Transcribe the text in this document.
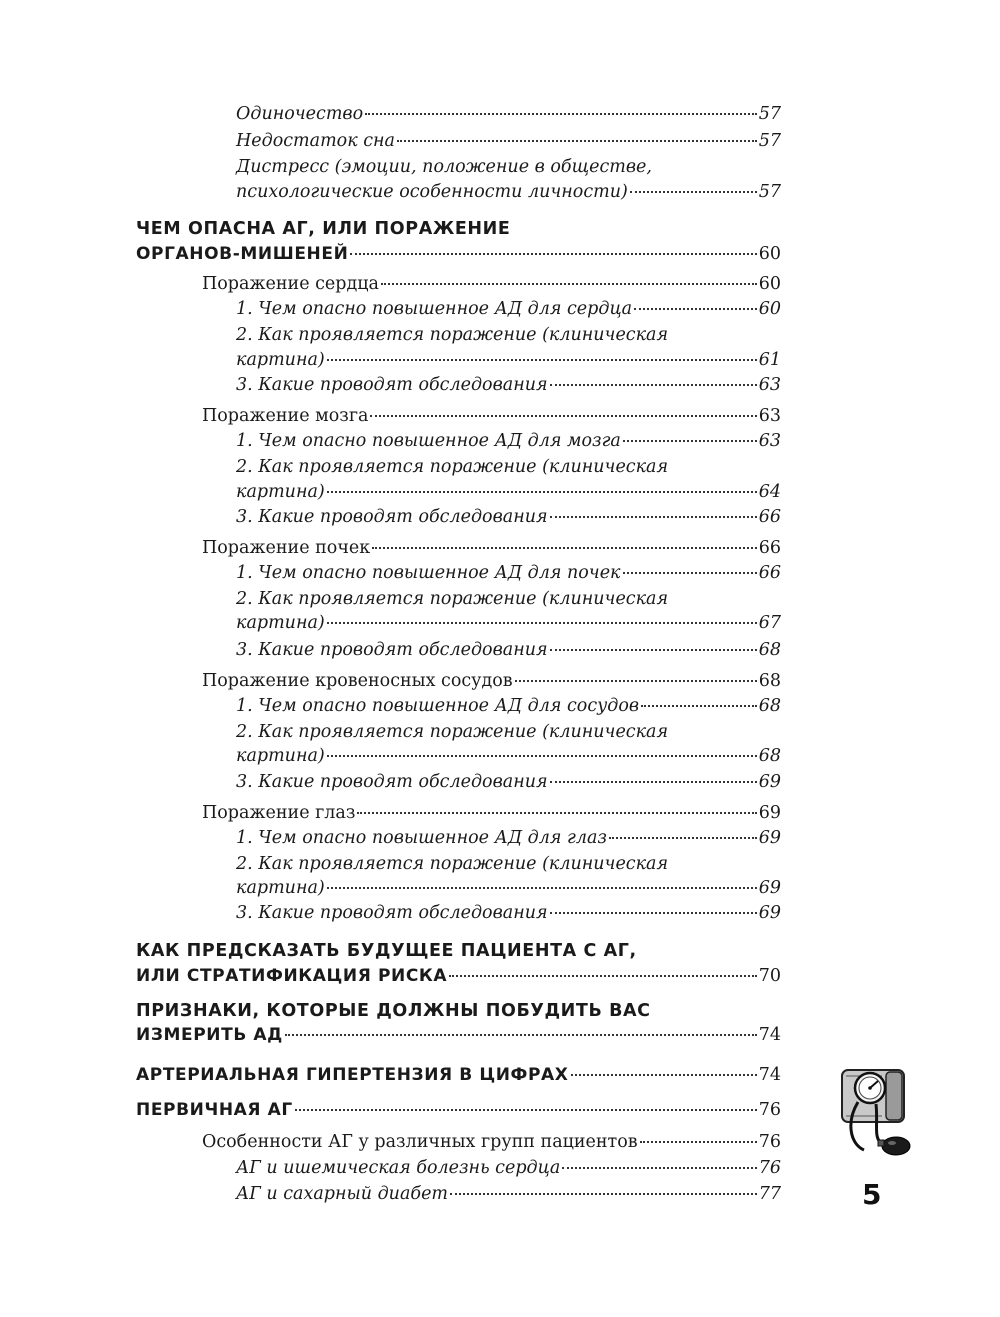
Одиночество	57
Недостаток сна	57
Дистресс (эмоции, положение в обществе,
психологические особенности личности)	57
ЧЕМ ОПАСНА АГ, ИЛИ ПОРАЖЕНИЕ
ОРГАНОВ-МИШЕНЕЙ	60
Поражение сердца	60
1. Чем опасно повышенное АД для сердца	60
2. Как проявляется поражение (клиническая
картина)	61
3. Какие проводят обследования	63
Поражение мозга	63
1. Чем опасно повышенное АД для мозга	63
2. Как проявляется поражение (клиническая
картина)	64
3. Какие проводят обследования	66
Поражение почек	66
1. Чем опасно повышенное АД для почек	66
2. Как проявляется поражение (клиническая
картина)	67
3. Какие проводят обследования	68
Поражение кровеносных сосудов	68
1. Чем опасно повышенное АД для сосудов	68
2. Как проявляется поражение (клиническая
картина)	68
3. Какие проводят обследования	69
Поражение глаз	69
1. Чем опасно повышенное АД для глаз	69
2. Как проявляется поражение (клиническая
картина)	69
3. Какие проводят обследования	69
КАК ПРЕДСКАЗАТЬ БУДУЩЕЕ ПАЦИЕНТА С АГ,
ИЛИ СТРАТИФИКАЦИЯ РИСКА	70
ПРИЗНАКИ, КОТОРЫЕ ДОЛЖНЫ ПОБУДИТЬ ВАС
ИЗМЕРИТЬ АД	74
АРТЕРИАЛЬНАЯ ГИПЕРТЕНЗИЯ В ЦИФРАХ	74
ПЕРВИЧНАЯ АГ	76
Особенности АГ у различных групп пациентов	76
АГ и ишемическая болезнь сердца	76
АГ и сахарный диабет	77	5
